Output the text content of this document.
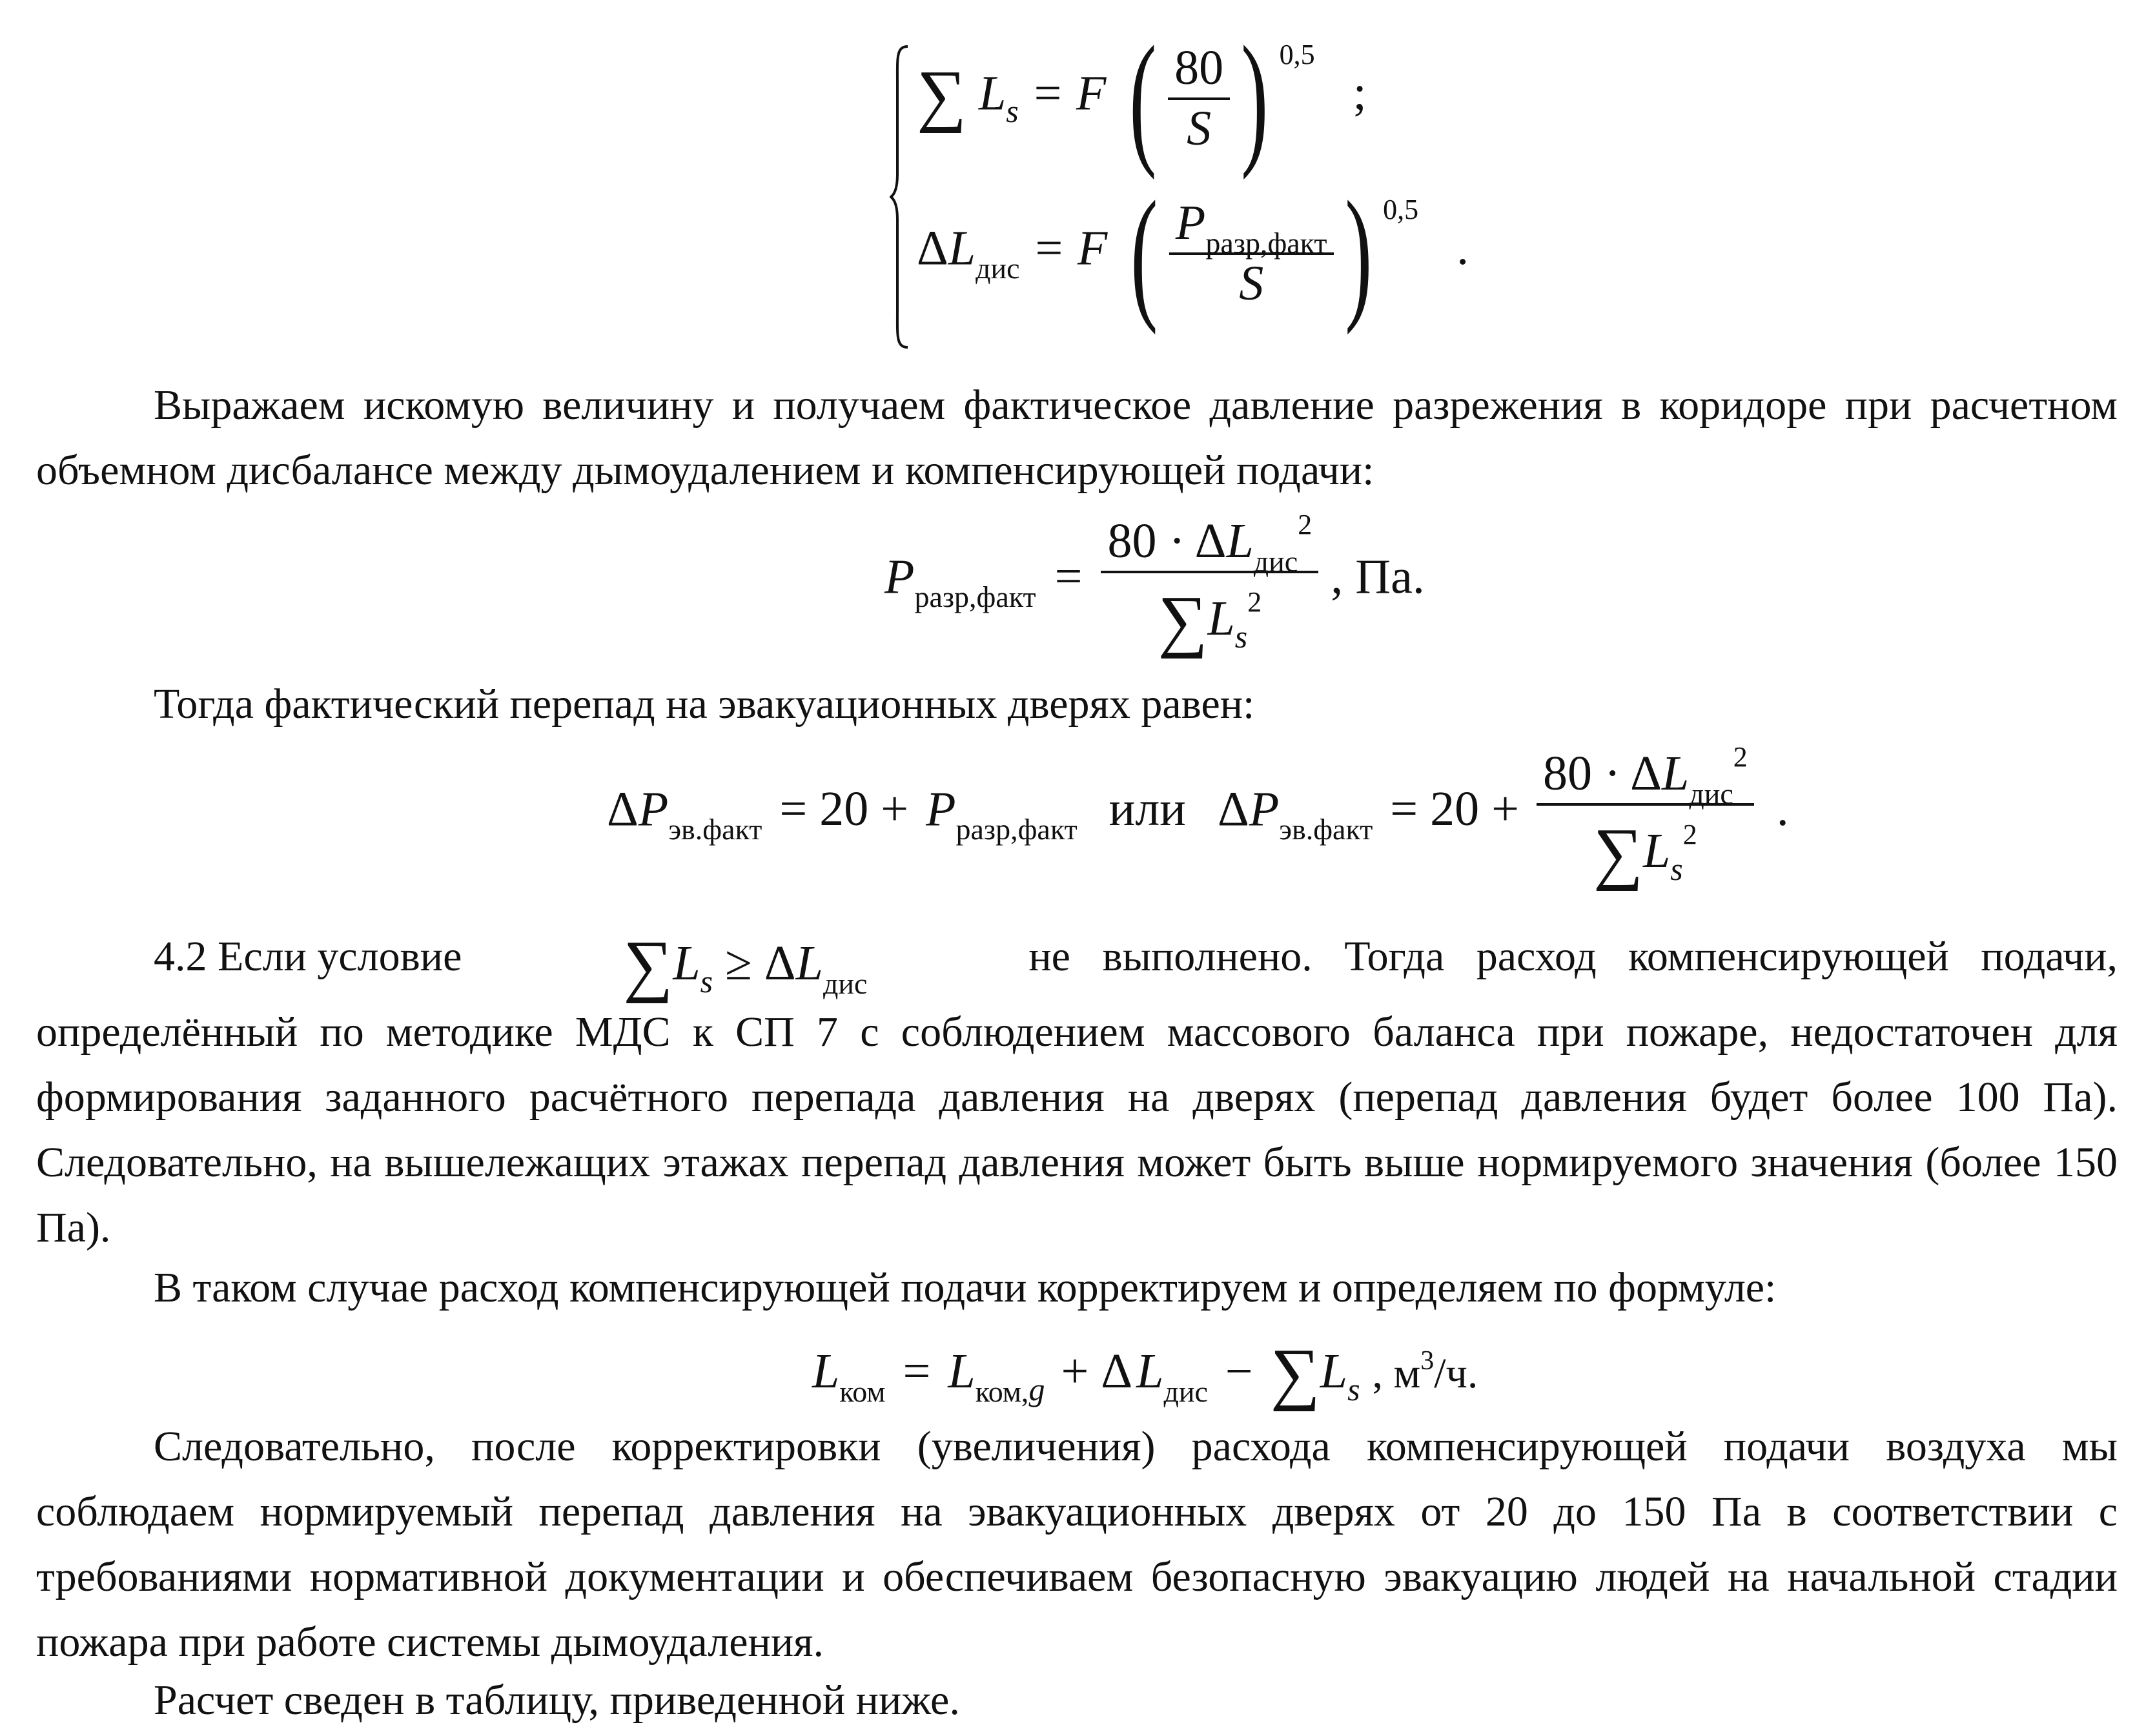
∑ $L_s = F$ ( $\frac{80}{S}$ ) $^{0,5}$ ;
$\Delta L_{дис} = F$ ( $\frac{P_{разр,факт}}{S}$ ) $^{0,5}$ .
Выражаем искомую величину и получаем фактическое давление разрежения в коридоре при расчетном объемном дисбалансе между дымоудалением и компенсирующей подачи:
$P_{разр,факт} = \frac{80 \cdot \Delta L_{дис}^2}{\sum L_s^2}$ , Па.
Тогда фактический перепад на эвакуационных дверях равен:
$\Delta P_{эв.факт} = 20 + P_{разр,факт}$ или $\Delta P_{эв.факт} = 20 + \frac{80 \cdot \Delta L_{дис}^2}{\sum L_s^2}$ .
4.2 Если условие $\sum L_s \ge \Delta L_{дис}$
не   выполнено.   Тогда   расход   компенсирующей   подачи,
определённый по методике МДС к СП 7 с соблюдением массового баланса при пожаре, недостаточен для формирования заданного расчётного перепада давления на дверях (перепад давления будет более 100 Па). Следовательно, на вышележащих этажах перепад давления может быть выше нормируемого значения (более 150 Па).
В таком случае расход компенсирующей подачи корректируем и определяем по формуле:
$L_{ком} = L_{ком,g} + \Delta L_{дис} - \sum L_s$ , $м^3/ч$.
Следовательно, после корректировки (увеличения) расхода компенсирующей подачи воздуха мы соблюдаем нормируемый перепад давления на эвакуационных дверях от 20 до 150 Па в соответствии с требованиями нормативной документации и обеспечиваем безопасную эвакуацию людей на начальной стадии пожара при работе системы дымоудаления.
Расчет сведен в таблицу, приведенной ниже.
